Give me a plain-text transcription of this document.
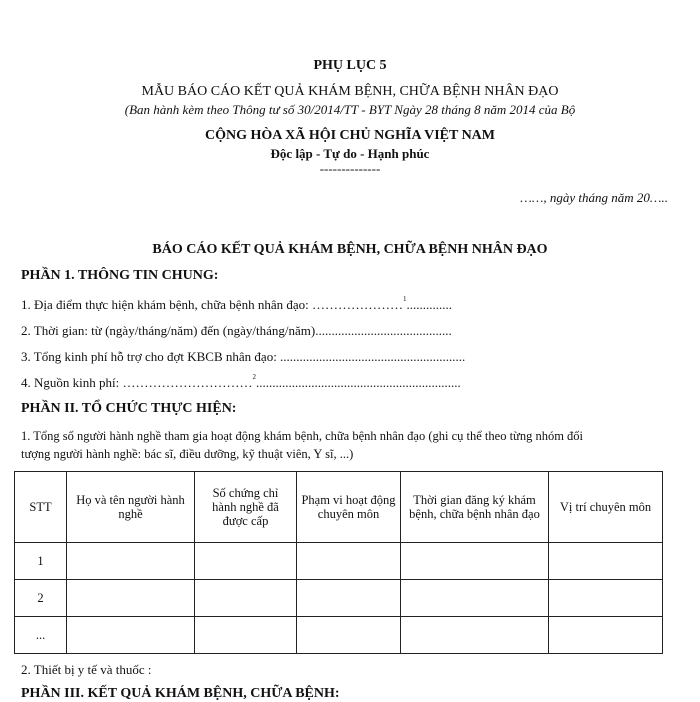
PHỤ LỤC 5
MẪU BÁO CÁO KẾT QUẢ KHÁM BỆNH, CHỮA BỆNH NHÂN ĐẠO
(Ban hành kèm theo Thông tư số 30/2014/TT - BYT Ngày 28 tháng 8 năm 2014 của Bộ
CỘNG HÒA XÃ HỘI CHỦ NGHĨA VIỆT NAM
Độc lập - Tự do - Hạnh phúc
--------------
……, ngày tháng năm 20…..
BÁO CÁO KẾT QUẢ KHÁM BỆNH, CHỮA BỆNH NHÂN ĐẠO
PHẦN 1. THÔNG TIN CHUNG:
1. Địa điểm thực hiện khám bệnh, chữa bệnh nhân đạo: …………………$^1$..............
2. Thời gian: từ (ngày/tháng/năm) đến (ngày/tháng/năm)..........................................
3. Tổng kinh phí hỗ trợ cho đợt KBCB nhân đạo: .........................................................
4. Nguồn kinh phí: …………………………$^2$...............................................................
PHẦN II. TỔ CHỨC THỰC HIỆN:
1. Tổng số người hành nghề tham gia hoạt động khám bệnh, chữa bệnh nhân đạo (ghi cụ thể theo từng nhóm đối
tượng người hành nghề: bác sĩ, điều dưỡng, kỹ thuật viên, Y sĩ, ...)
STT	Họ và tên người hành nghề	Số chứng chỉ hành nghề đã được cấp	Phạm vi hoạt động chuyên môn	Thời gian đăng ký khám bệnh, chữa bệnh nhân đạo	Vị trí chuyên môn
1					
2					
...					
2. Thiết bị y tế và thuốc :
PHẦN III. KẾT QUẢ KHÁM BỆNH, CHỮA BỆNH:
